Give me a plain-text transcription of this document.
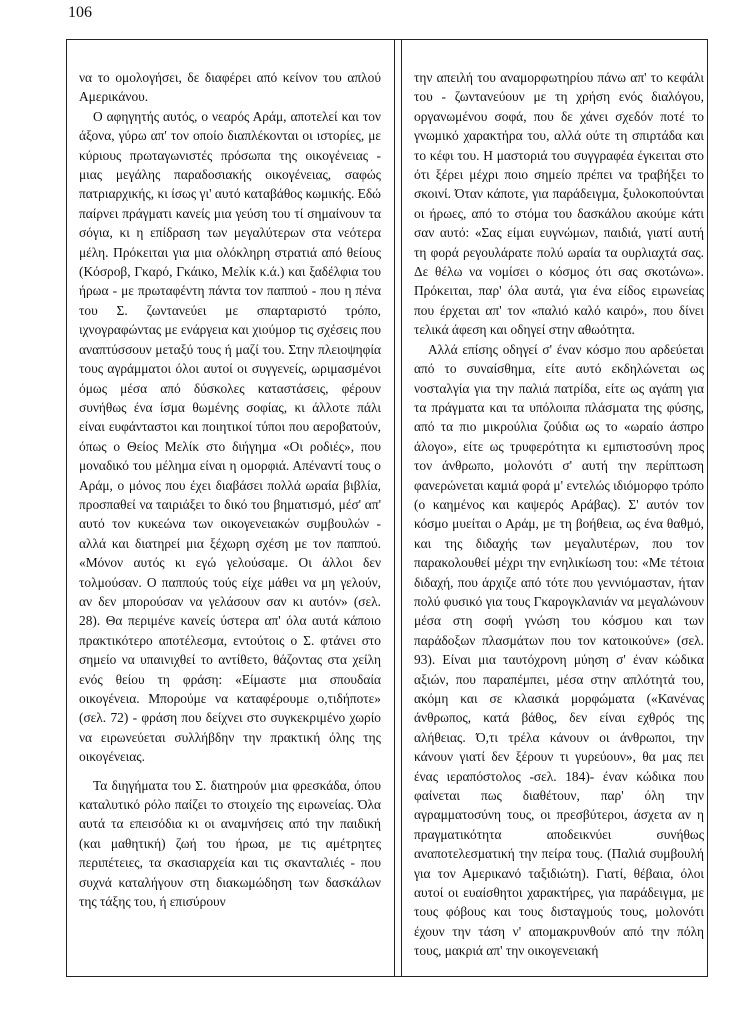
106

να το ομολογήσει, δε διαφέρει από κείνον του απλού Αμερικάνου.

Ο αφηγητής αυτός, ο νεαρός Αράμ, αποτελεί και τον άξονα, γύρω απ' τον οποίο διαπλέκονται οι ιστορίες, με κύριους πρωταγωνιστές πρόσωπα της οικογένειας - μιας μεγάλης παραδοσιακής οικογένειας, σαφώς πατριαρχικής, κι ίσως γι' αυτό καταβάθος κωμικής. Εδώ παίρνει πράγματι κανείς μια γεύση του τί σημαίνουν τα σόγια, κι η επίδραση των μεγαλύτερων στα νεότερα μέλη. Πρόκειται για μια ολόκληρη στρατιά από θείους (Κόσροβ, Γκαρό, Γκάικο, Μελίκ κ.ά.) και ξαδέλφια του ήρωα - με πρωταφέντη πάντα τον παππού - που η πένα του Σ. ζωντανεύει με σπαρταριστό τρόπο, ιχνογραφώντας με ενάργεια και χιούμορ τις σχέσεις που αναπτύσσουν μεταξύ τους ή μαζί του. Στην πλειοψηφία τους αγράμματοι όλοι αυτοί οι συγγενείς, ωριμασμένοι όμως μέσα από δύσκολες καταστάσεις, φέρουν συνήθως ένα ίσμα θωμένης σοφίας, κι άλλοτε πάλι είναι ευφάνταστοι και ποιητικοί τύποι που αεροβατούν, όπως ο Θείος Μελίκ στο διήγημα «Οι ροδιές», που μοναδικό του μέλημα είναι η ομορφιά. Απέναντί τους ο Αράμ, ο μόνος που έχει διαβάσει πολλά ωραία βιβλία, προσπαθεί να ταιριάξει το δικό του βηματισμό, μέσ' απ' αυτό τον κυκεώνα των οικογενειακών συμβουλών - αλλά και διατηρεί μια ξέχωρη σχέση με τον παππού. «Μόνον αυτός κι εγώ γελούσαμε. Οι άλλοι δεν τολμούσαν. Ο παππούς τούς είχε μάθει να μη γελούν, αν δεν μπορούσαν να γελάσουν σαν κι αυτόν» (σελ. 28). Θα περιμένε κανείς ύστερα απ' όλα αυτά κάποιο πρακτικότερο αποτέλεσμα, εντούτοις ο Σ. φτάνει στο σημείο να υπαινιχθεί το αντίθετο, θάζοντας στα χείλη ενός θείου τη φράση: «Είμαστε μια σπουδαία οικογένεια. Μπορούμε να καταφέρουμε ο,τιδήποτε» (σελ. 72) - φράση που δείχνει στο συγκεκριμένο χωρίο να ειρωνεύεται συλλήβδην την πρακτική όλης της οικογένειας.

Τα διηγήματα του Σ. διατηρούν μια φρεσκάδα, όπου καταλυτικό ρόλο παίζει το στοιχείο της ειρωνείας. Όλα αυτά τα επεισόδια κι οι αναμνήσεις από την παιδική (και μαθητική) ζωή του ήρωα, με τις αμέτρητες περιπέτειες, τα σκασιαρχεία και τις σκανταλιές - που συχνά καταλήγουν στη διακωμώδηση των δασκάλων της τάξης του, ή επισύρουν

την απειλή του αναμορφωτηρίου πάνω απ' το κεφάλι του - ζωντανεύουν με τη χρήση ενός διαλόγου, οργανωμένου σοφά, που δε χάνει σχεδόν ποτέ το γνωμικό χαρακτήρα του, αλλά ούτε τη σπιρτάδα και το κέφι του. Η μαστοριά του συγγραφέα έγκειται στο ότι ξέρει μέχρι ποιο σημείο πρέπει να τραβήξει το σκοινί. Όταν κάποτε, για παράδειγμα, ξυλοκοπούνται οι ήρωες, από το στόμα του δασκάλου ακούμε κάτι σαν αυτό: «Σας είμαι ευγνώμων, παιδιά, γιατί αυτή τη φορά ρεγουλάρατε πολύ ωραία τα ουρλιαχτά σας. Δε θέλω να νομίσει ο κόσμος ότι σας σκοτώνω». Πρόκειται, παρ' όλα αυτά, για ένα είδος ειρωνείας που έρχεται απ' τον «παλιό καλό καιρό», που δίνει τελικά άφεση και οδηγεί στην αθωότητα.

Αλλά επίσης οδηγεί σ' έναν κόσμο που αρδεύεται από το συναίσθημα, είτε αυτό εκδηλώνεται ως νοσταλγία για την παλιά πατρίδα, είτε ως αγάπη για τα πράγματα και τα υπόλοιπα πλάσματα της φύσης, από τα πιο μικρούλια ζούδια ως το «ωραίο άσπρο άλογο», είτε ως τρυφερότητα κι εμπιστοσύνη προς τον άνθρωπο, μολονότι σ' αυτή την περίπτωση φανερώνεται καμιά φορά μ' εντελώς ιδιόμορφο τρόπο (ο καημένος και καψερός Αράβας). Σ' αυτόν τον κόσμο μυείται ο Αράμ, με τη βοήθεια, ως ένα θαθμό, και της διδαχής των μεγαλυτέρων, που τον παρακολουθεί μέχρι την ενηλικίωση του: «Με τέτοια διδαχή, που άρχιζε από τότε που γεννιόμασταν, ήταν πολύ φυσικό για τους Γκαρογκλανιάν να μεγαλώνουν μέσα στη σοφή γνώση του κόσμου και των παράδοξων πλασμάτων που τον κατοικούνε» (σελ. 93). Είναι μια ταυτόχρονη μύηση σ' έναν κώδικα αξιών, που παραπέμπει, μέσα στην απλότητά του, ακόμη και σε κλασικά μορφώματα («Κανένας άνθρωπος, κατά βάθος, δεν είναι εχθρός της αλήθειας. Ό,τι τρέλα κάνουν οι άνθρωποι, την κάνουν γιατί δεν ξέρουν τι γυρεύουν», θα μας πει ένας ιεραπόστολος -σελ. 184)- έναν κώδικα που φαίνεται πως διαθέτουν, παρ' όλη την αγραμματοσύνη τους, οι πρεσβύτεροι, άσχετα αν η πραγματικότητα αποδεικνύει συνήθως αναποτελεσματική την πείρα τους. (Παλιά συμβουλή για τον Αμερικανό ταξιδιώτη). Γιατί, θέβαια, όλοι αυτοί οι ευαίσθητοι χαρακτήρες, για παράδειγμα, με τους φόβους και τους δισταγμούς τους, μολονότι έχουν την τάση ν' απομακρυνθούν από την πόλη τους, μακριά απ' την οικογενειακή
